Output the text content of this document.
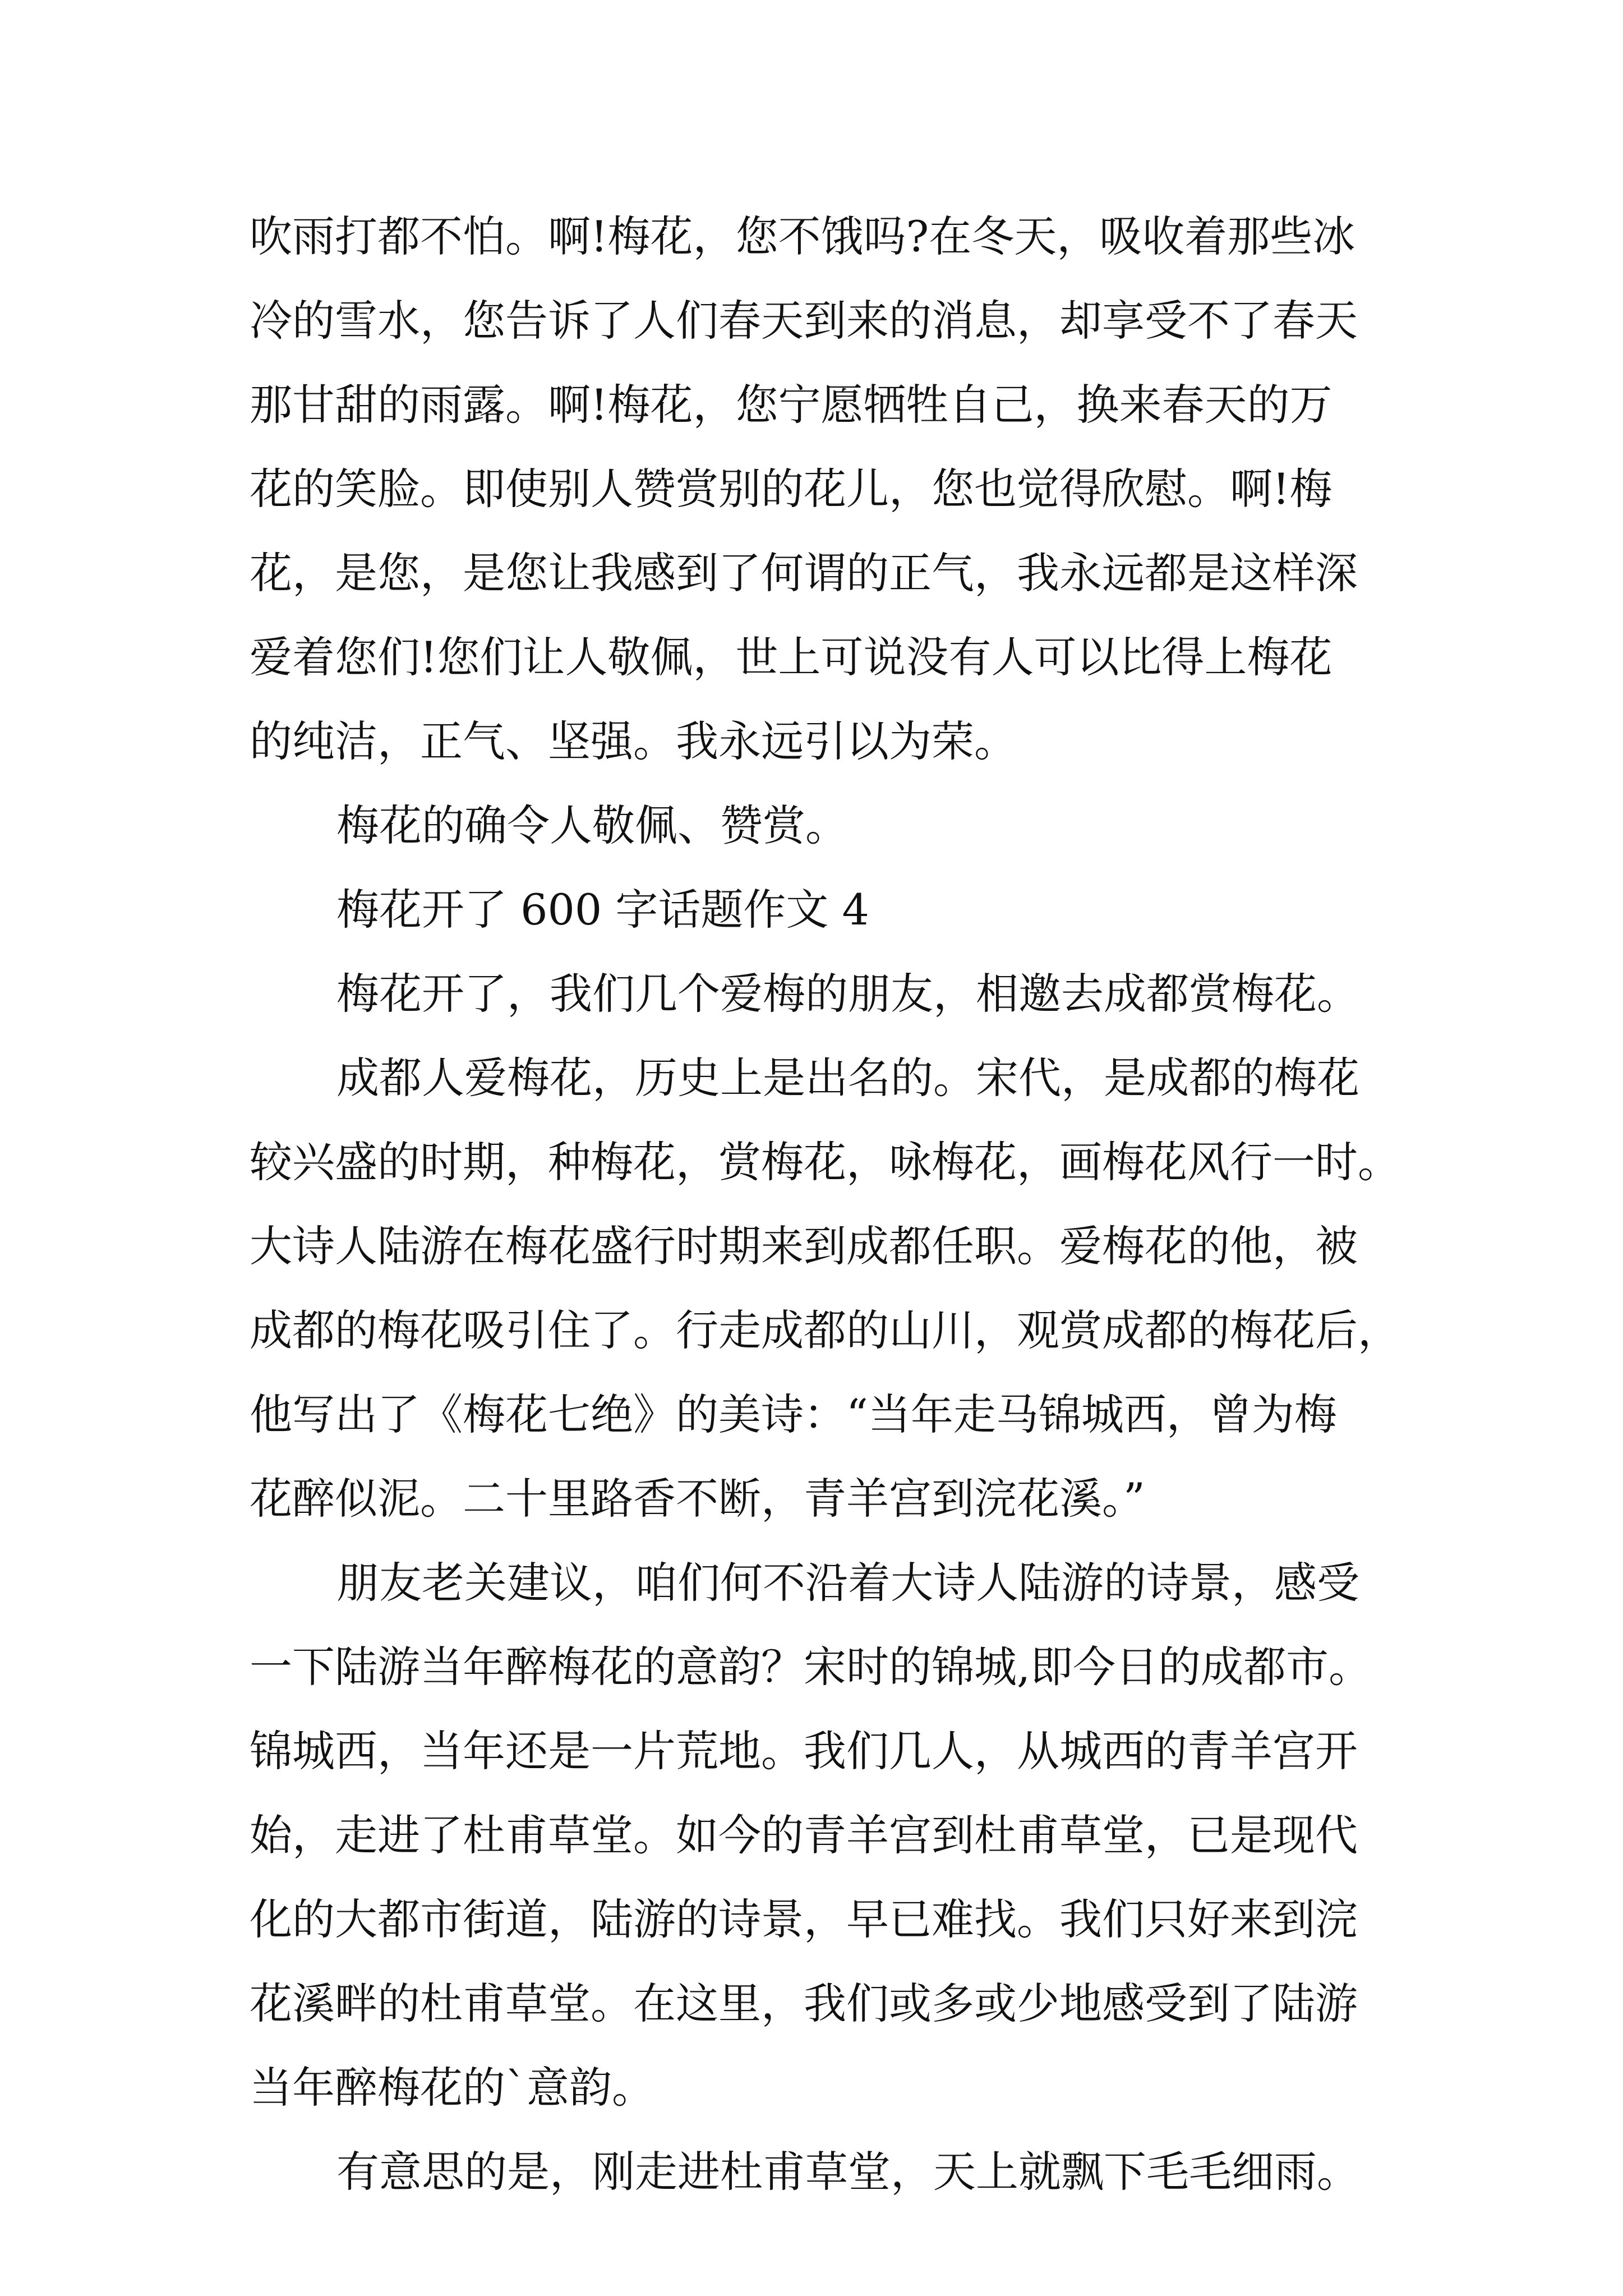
吹雨打都不怕。啊!梅花，您不饿吗?在冬天，吸收着那些冰
冷的雪水，您告诉了人们春天到来的消息，却享受不了春天
那甘甜的雨露。啊!梅花，您宁愿牺牲自己，换来春天的万
花的笑脸。即使别人赞赏别的花儿，您也觉得欣慰。啊!梅
花，是您，是您让我感到了何谓的正气，我永远都是这样深
爱着您们!您们让人敬佩，世上可说没有人可以比得上梅花
的纯洁，正气、坚强。我永远引以为荣。
梅花的确令人敬佩、赞赏。
梅花开了 600 字话题作文 4
梅花开了，我们几个爱梅的朋友，相邀去成都赏梅花。
成都人爱梅花，历史上是出名的。宋代，是成都的梅花
较兴盛的时期，种梅花，赏梅花，咏梅花，画梅花风行一时。
大诗人陆游在梅花盛行时期来到成都任职。爱梅花的他，被
成都的梅花吸引住了。行走成都的山川，观赏成都的梅花后，
他写出了《梅花七绝》的美诗：“当年走马锦城西，曾为梅
花醉似泥。二十里路香不断，青羊宫到浣花溪。”
朋友老关建议，咱们何不沿着大诗人陆游的诗景，感受
一下陆游当年醉梅花的意韵？宋时的锦城,即今日的成都市。
锦城西，当年还是一片荒地。我们几人，从城西的青羊宫开
始，走进了杜甫草堂。如今的青羊宫到杜甫草堂，已是现代
化的大都市街道，陆游的诗景，早已难找。我们只好来到浣
花溪畔的杜甫草堂。在这里，我们或多或少地感受到了陆游
当年醉梅花的`意韵。
有意思的是，刚走进杜甫草堂，天上就飘下毛毛细雨。
